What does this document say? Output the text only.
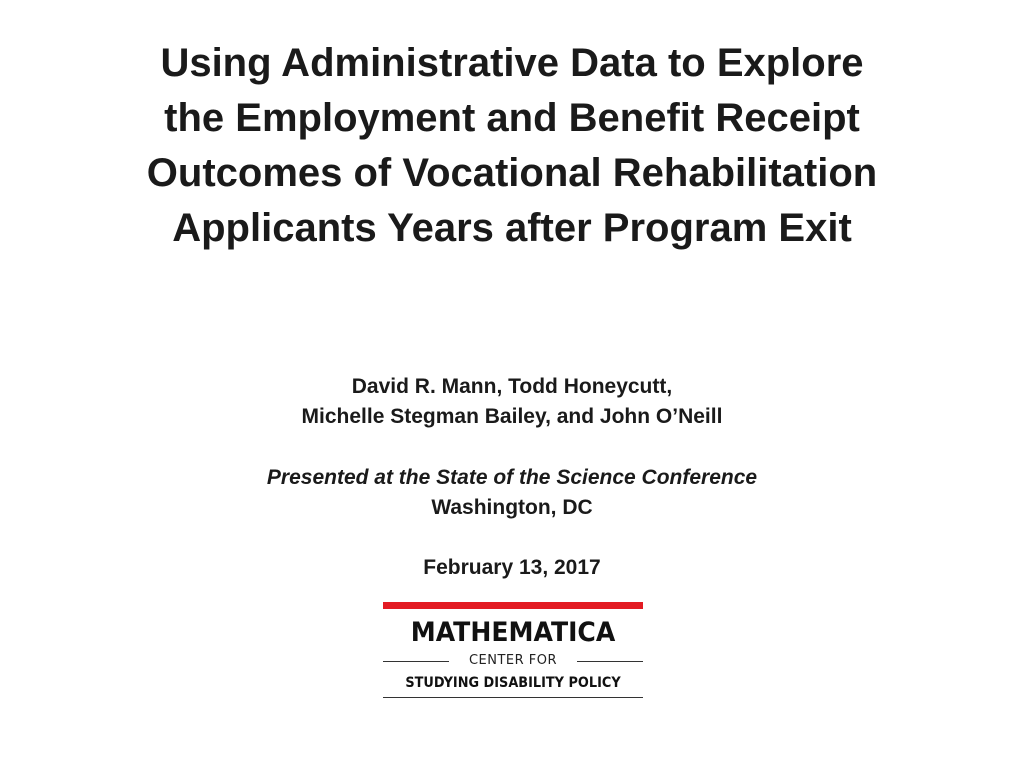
Using Administrative Data to Explore
the Employment and Benefit Receipt
Outcomes of Vocational Rehabilitation
Applicants Years after Program Exit
David R. Mann, Todd Honeycutt,
Michelle Stegman Bailey, and John O’Neill
Presented at the State of the Science Conference
Washington, DC
February 13, 2017
MATHEMATICA
CENTER FOR
STUDYING DISABILITY POLICY
